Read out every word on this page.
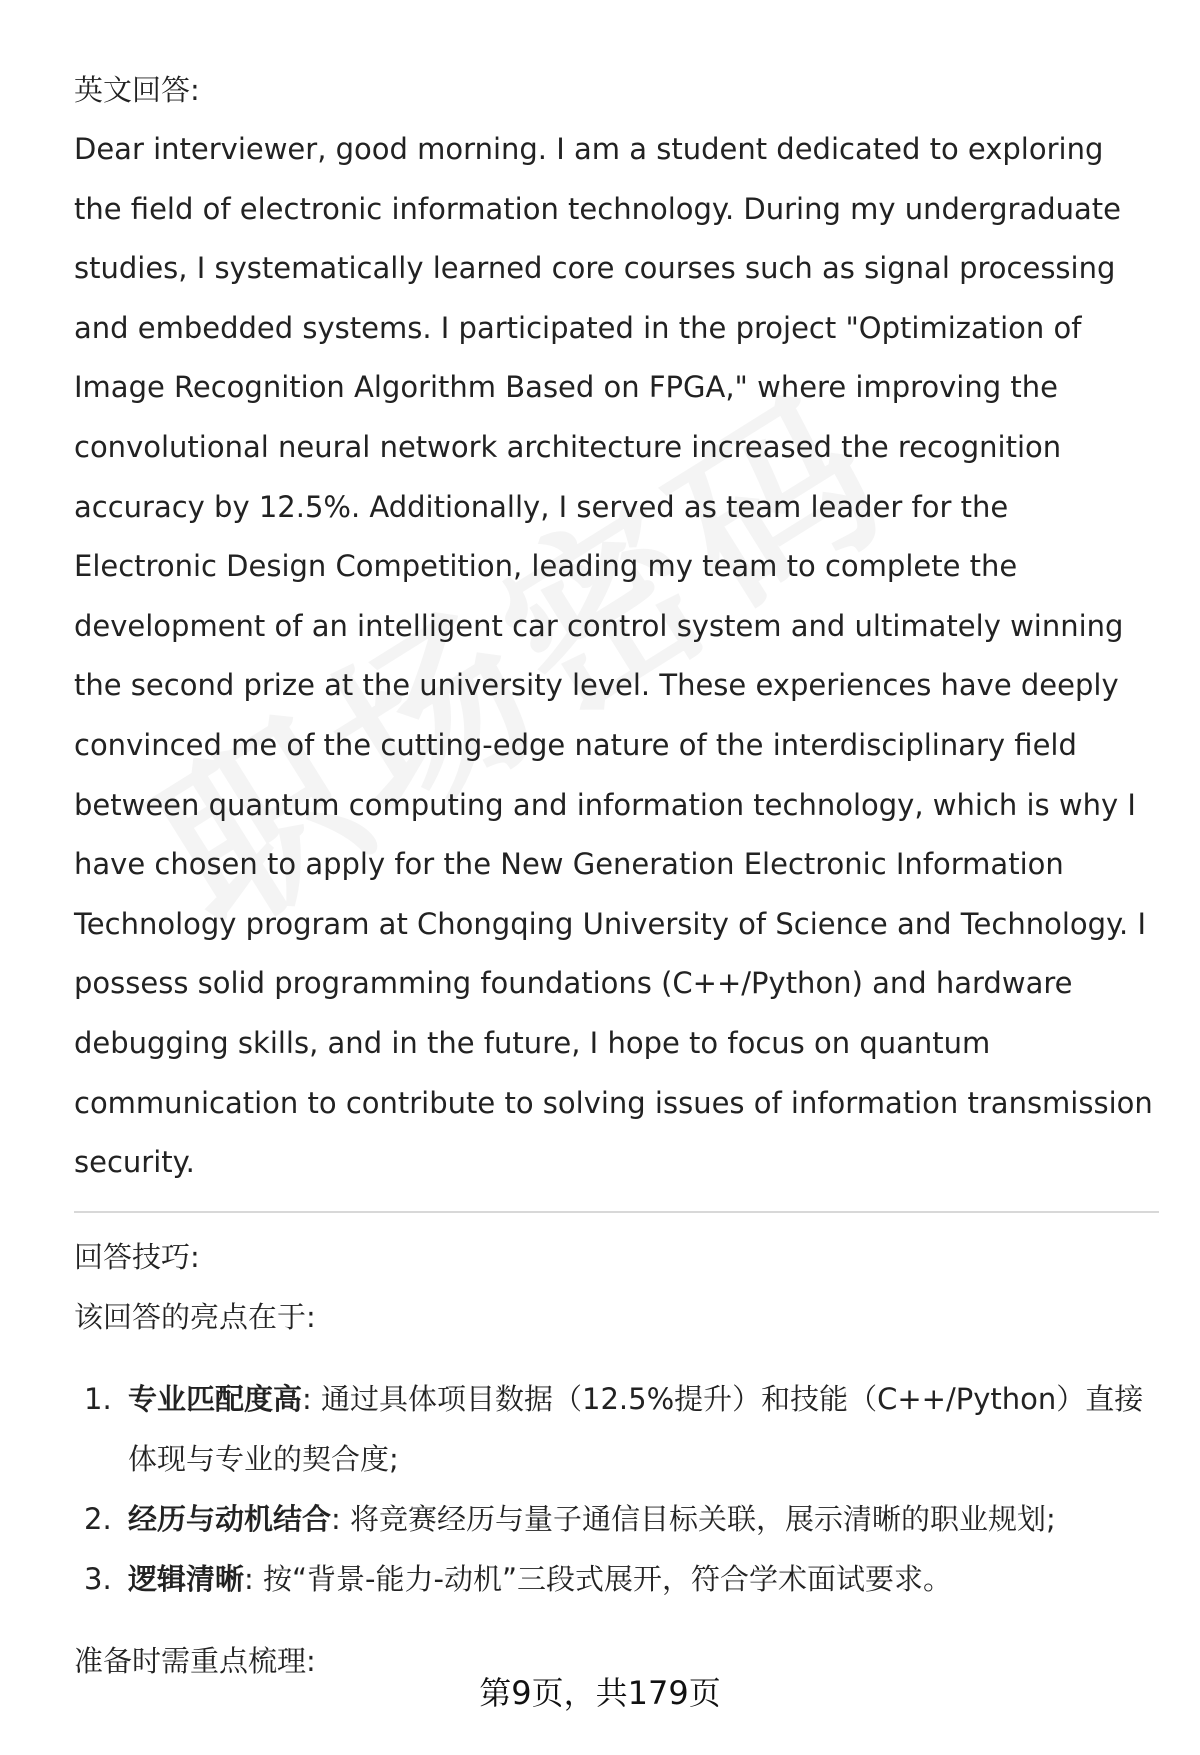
英文回答:

Dear interviewer, good morning. I am a student dedicated to exploring the field of electronic information technology. During my undergraduate studies, I systematically learned core courses such as signal processing and embedded systems. I participated in the project "Optimization of Image Recognition Algorithm Based on FPGA," where improving the convolutional neural network architecture increased the recognition accuracy by 12.5%. Additionally, I served as team leader for the Electronic Design Competition, leading my team to complete the development of an intelligent car control system and ultimately winning the second prize at the university level. These experiences have deeply convinced me of the cutting-edge nature of the interdisciplinary field between quantum computing and information technology, which is why I have chosen to apply for the New Generation Electronic Information Technology program at Chongqing University of Science and Technology. I possess solid programming foundations (C++/Python) and hardware debugging skills, and in the future, I hope to focus on quantum communication to contribute to solving issues of information transmission security.

回答技巧:

该回答的亮点在于:

1. 专业匹配度高: 通过具体项目数据（12.5%提升）和技能（C++/Python）直接体现与专业的契合度;
2. 经历与动机结合: 将竞赛经历与量子通信目标关联，展示清晰的职业规划;
3. 逻辑清晰: 按“背景-能力-动机”三段式展开，符合学术面试要求。

准备时需重点梳理:

第9页，共179页
